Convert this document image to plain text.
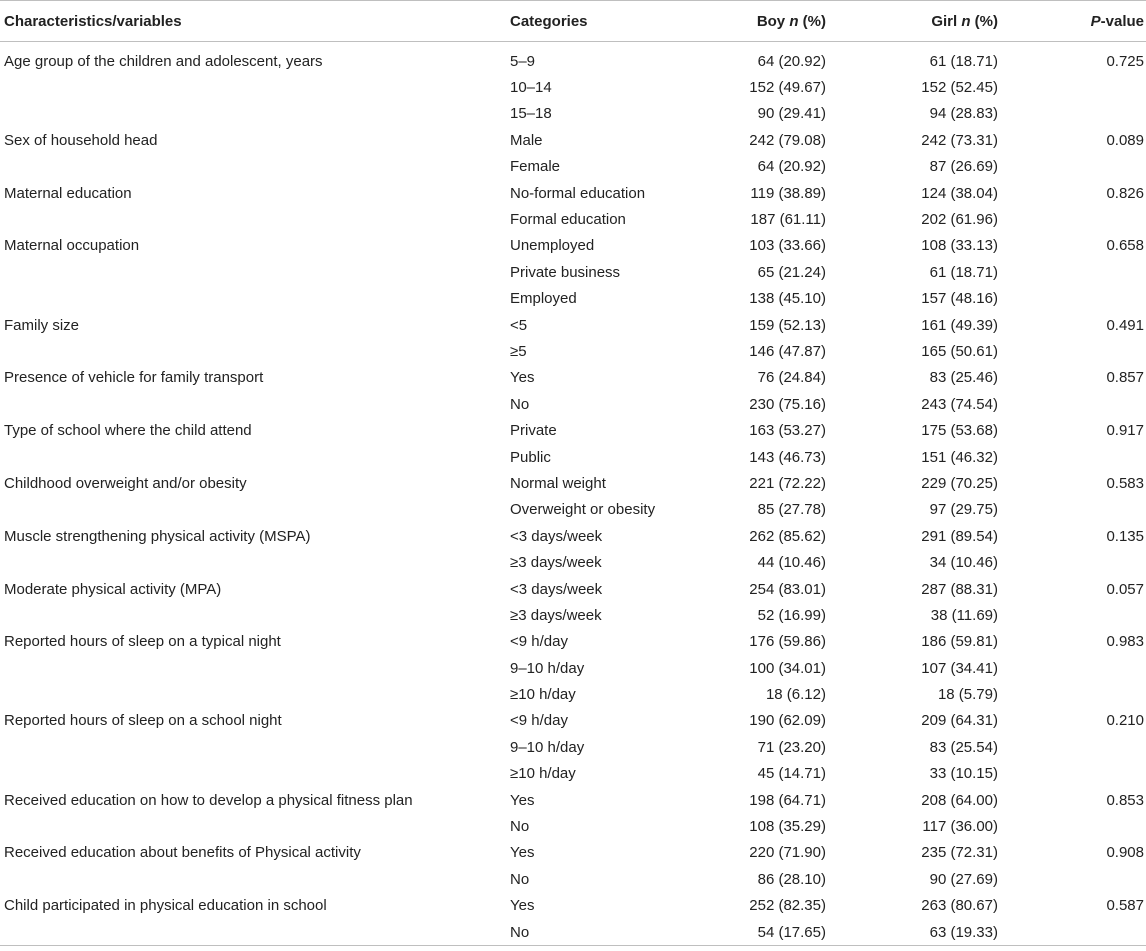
Characteristics/variables	Categories	Boy n (%)	Girl n (%)	P-value
Age group of the children and adolescent, years	5–9	64 (20.92)	61 (18.71)	0.725
	10–14	152 (49.67)	152 (52.45)	
	15–18	90 (29.41)	94 (28.83)	
Sex of household head	Male	242 (79.08)	242 (73.31)	0.089
	Female	64 (20.92)	87 (26.69)	
Maternal education	No-formal education	119 (38.89)	124 (38.04)	0.826
	Formal education	187 (61.11)	202 (61.96)	
Maternal occupation	Unemployed	103 (33.66)	108 (33.13)	0.658
	Private business	65 (21.24)	61 (18.71)	
	Employed	138 (45.10)	157 (48.16)	
Family size	<5	159 (52.13)	161 (49.39)	0.491
	≥5	146 (47.87)	165 (50.61)	
Presence of vehicle for family transport	Yes	76 (24.84)	83 (25.46)	0.857
	No	230 (75.16)	243 (74.54)	
Type of school where the child attend	Private	163 (53.27)	175 (53.68)	0.917
	Public	143 (46.73)	151 (46.32)	
Childhood overweight and/or obesity	Normal weight	221 (72.22)	229 (70.25)	0.583
	Overweight or obesity	85 (27.78)	97 (29.75)	
Muscle strengthening physical activity (MSPA)	<3 days/week	262 (85.62)	291 (89.54)	0.135
	≥3 days/week	44 (10.46)	34 (10.46)	
Moderate physical activity (MPA)	<3 days/week	254 (83.01)	287 (88.31)	0.057
	≥3 days/week	52 (16.99)	38 (11.69)	
Reported hours of sleep on a typical night	<9 h/day	176 (59.86)	186 (59.81)	0.983
	9–10 h/day	100 (34.01)	107 (34.41)	
	≥10 h/day	18 (6.12)	18 (5.79)	
Reported hours of sleep on a school night	<9 h/day	190 (62.09)	209 (64.31)	0.210
	9–10 h/day	71 (23.20)	83 (25.54)	
	≥10 h/day	45 (14.71)	33 (10.15)	
Received education on how to develop a physical fitness plan	Yes	198 (64.71)	208 (64.00)	0.853
	No	108 (35.29)	117 (36.00)	
Received education about benefits of Physical activity	Yes	220 (71.90)	235 (72.31)	0.908
	No	86 (28.10)	90 (27.69)	
Child participated in physical education in school	Yes	252 (82.35)	263 (80.67)	0.587
	No	54 (17.65)	63 (19.33)	
